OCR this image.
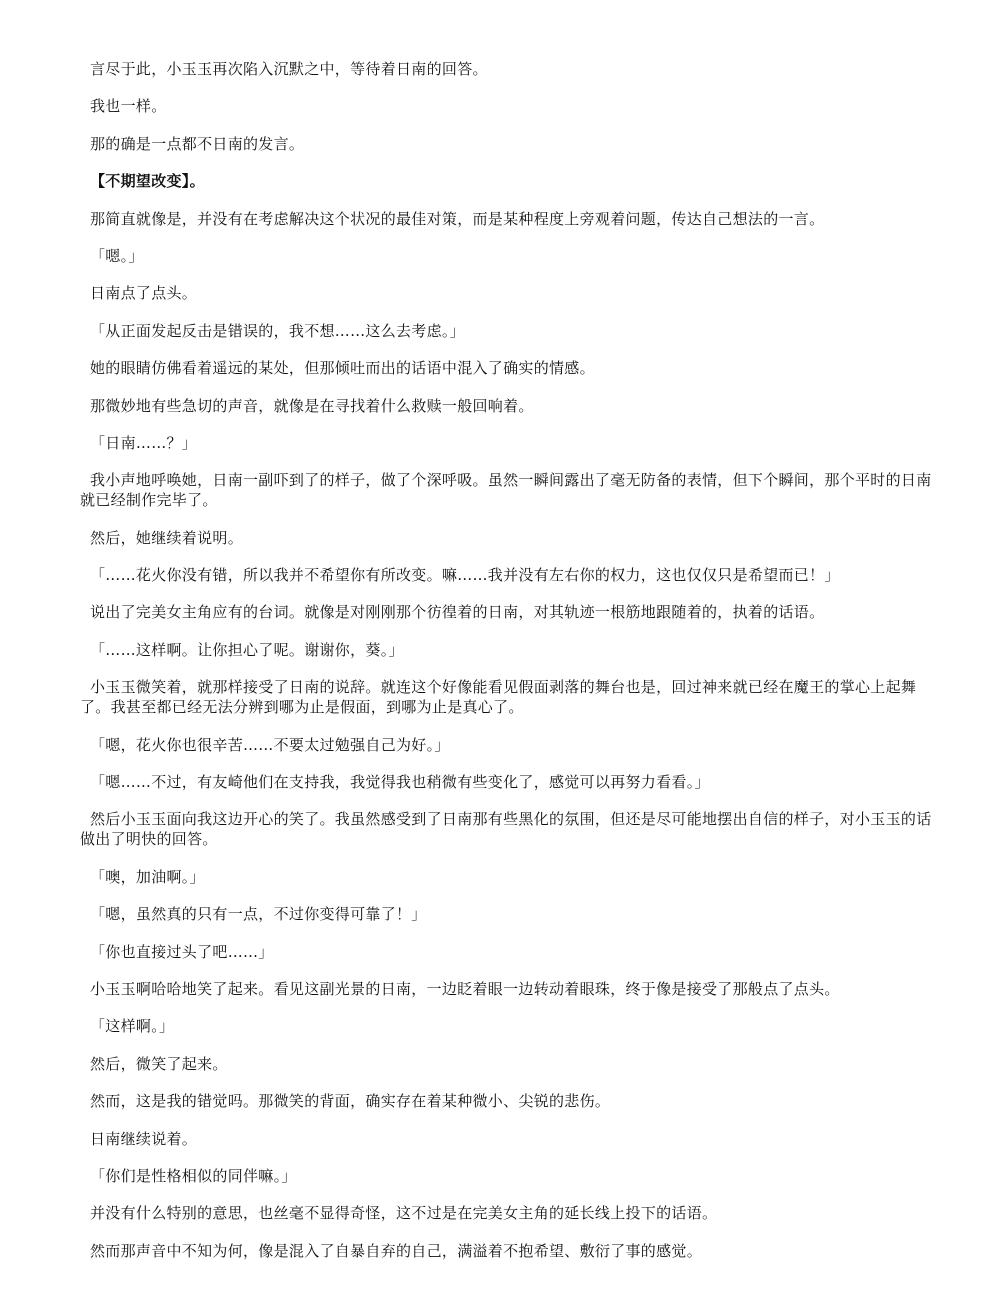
言尽于此，小玉玉再次陷入沉默之中，等待着日南的回答。

我也一样。

那的确是一点都不日南的发言。

【不期望改变】。

那简直就像是，并没有在考虑解决这个状况的最佳对策，而是某种程度上旁观着问题，传达自己想法的一言。

「嗯。」

日南点了点头。

「从正面发起反击是错误的，我不想……这么去考虑。」

她的眼睛仿佛看着遥远的某处，但那倾吐而出的话语中混入了确实的情感。

那微妙地有些急切的声音，就像是在寻找着什么救赎一般回响着。

「日南……？」

我小声地呼唤她，日南一副吓到了的样子，做了个深呼吸。虽然一瞬间露出了毫无防备的表情，但下个瞬间，那个平时的日南就已经制作完毕了。

然后，她继续着说明。

「……花火你没有错，所以我并不希望你有所改变。嘛……我并没有左右你的权力，这也仅仅只是希望而已！」

说出了完美女主角应有的台词。就像是对刚刚那个彷徨着的日南，对其轨迹一根筋地跟随着的，执着的话语。

「……这样啊。让你担心了呢。谢谢你，葵。」

小玉玉微笑着，就那样接受了日南的说辞。就连这个好像能看见假面剥落的舞台也是，回过神来就已经在魔王的掌心上起舞了。我甚至都已经无法分辨到哪为止是假面，到哪为止是真心了。

「嗯，花火你也很辛苦……不要太过勉强自己为好。」

「嗯……不过，有友崎他们在支持我，我觉得我也稍微有些变化了，感觉可以再努力看看。」

然后小玉玉面向我这边开心的笑了。我虽然感受到了日南那有些黑化的氛围，但还是尽可能地摆出自信的样子，对小玉玉的话做出了明快的回答。

「噢，加油啊。」

「嗯，虽然真的只有一点，不过你变得可靠了！」

「你也直接过头了吧……」

小玉玉啊哈哈地笑了起来。看见这副光景的日南，一边眨着眼一边转动着眼珠，终于像是接受了那般点了点头。

「这样啊。」

然后，微笑了起来。

然而，这是我的错觉吗。那微笑的背面，确实存在着某种微小、尖锐的悲伤。

日南继续说着。

「你们是性格相似的同伴嘛。」

并没有什么特别的意思，也丝毫不显得奇怪，这不过是在完美女主角的延长线上投下的话语。

然而那声音中不知为何，像是混入了自暴自弃的自己，满溢着不抱希望、敷衍了事的感觉。
